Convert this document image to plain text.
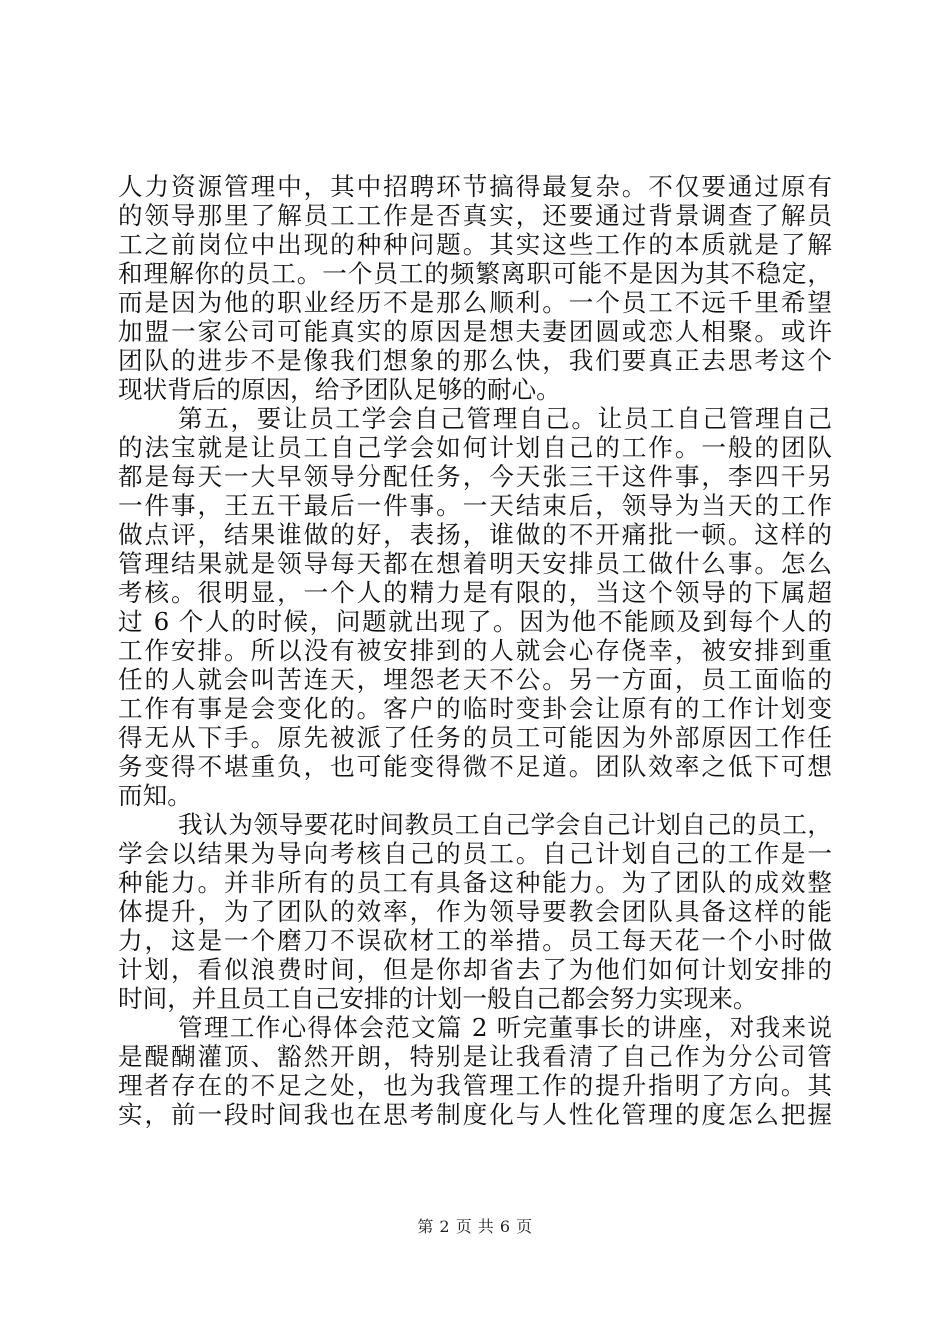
人力资源管理中，其中招聘环节搞得最复杂。不仅要通过原有
的领导那里了解员工工作是否真实，还要通过背景调查了解员
工之前岗位中出现的种种问题。其实这些工作的本质就是了解
和理解你的员工。一个员工的频繁离职可能不是因为其不稳定，
而是因为他的职业经历不是那么顺利。一个员工不远千里希望
加盟一家公司可能真实的原因是想夫妻团圆或恋人相聚。或许
团队的进步不是像我们想象的那么快，我们要真正去思考这个
现状背后的原因，给予团队足够的耐心。
第五，要让员工学会自己管理自己。让员工自己管理自己
的法宝就是让员工自己学会如何计划自己的工作。一般的团队
都是每天一大早领导分配任务，今天张三干这件事，李四干另
一件事，王五干最后一件事。一天结束后，领导为当天的工作
做点评，结果谁做的好，表扬，谁做的不开痛批一顿。这样的
管理结果就是领导每天都在想着明天安排员工做什么事。怎么
考核。很明显，一个人的精力是有限的，当这个领导的下属超
过 6 个人的时候，问题就出现了。因为他不能顾及到每个人的
工作安排。所以没有被安排到的人就会心存侥幸，被安排到重
任的人就会叫苦连天，埋怨老天不公。另一方面，员工面临的
工作有事是会变化的。客户的临时变卦会让原有的工作计划变
得无从下手。原先被派了任务的员工可能因为外部原因工作任
务变得不堪重负，也可能变得微不足道。团队效率之低下可想
而知。
我认为领导要花时间教员工自己学会自己计划自己的员工，
学会以结果为导向考核自己的员工。自己计划自己的工作是一
种能力。并非所有的员工有具备这种能力。为了团队的成效整
体提升，为了团队的效率，作为领导要教会团队具备这样的能
力，这是一个磨刀不误砍材工的举措。员工每天花一个小时做
计划，看似浪费时间，但是你却省去了为他们如何计划安排的
时间，并且员工自己安排的计划一般自己都会努力实现来。
管理工作心得体会范文篇 2 听完董事长的讲座，对我来说
是醍醐灌顶、豁然开朗，特别是让我看清了自己作为分公司管
理者存在的不足之处，也为我管理工作的提升指明了方向。其
实，前一段时间我也在思考制度化与人性化管理的度怎么把握
第 2 页 共 6 页
